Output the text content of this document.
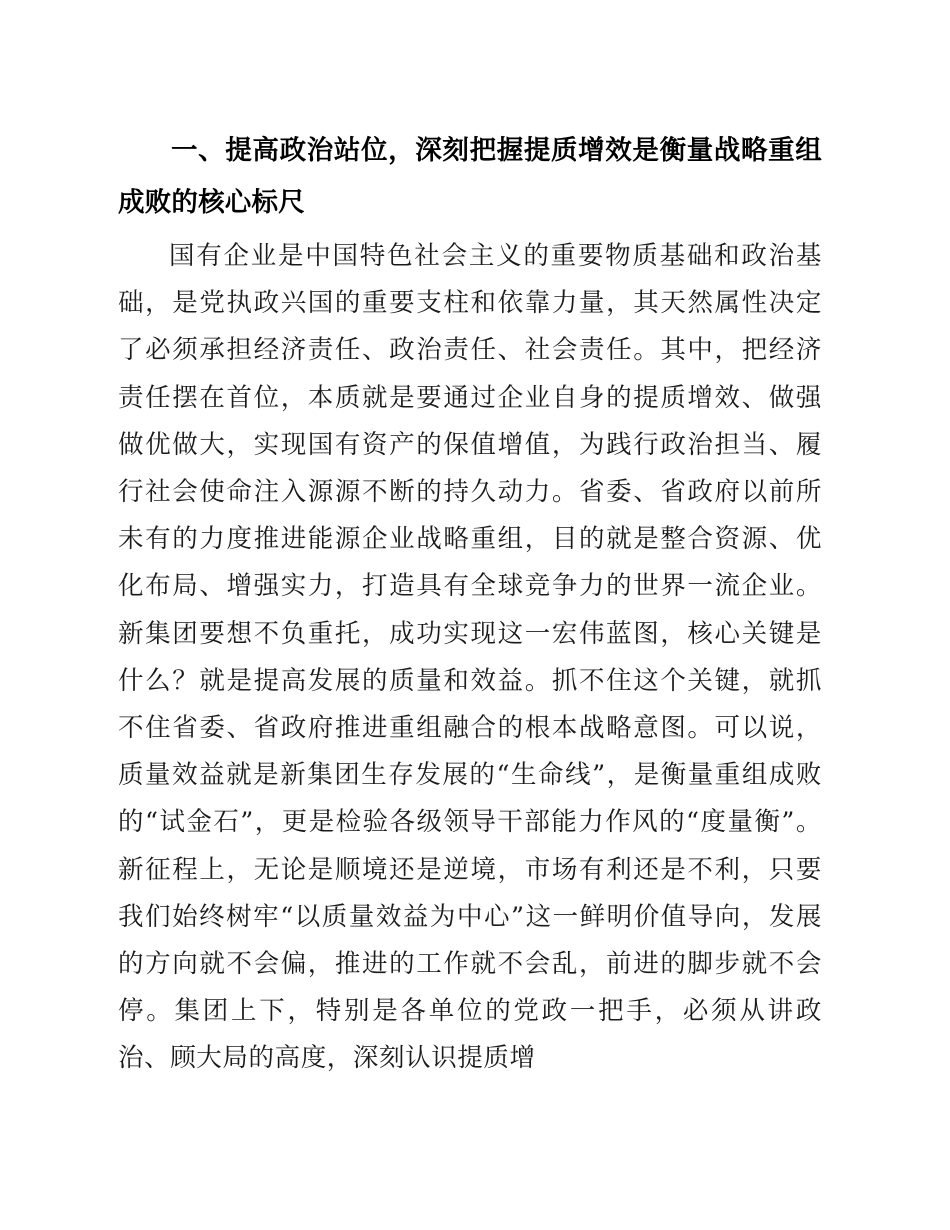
一、提高政治站位，深刻把握提质增效是衡量战略重组成败的核心标尺

国有企业是中国特色社会主义的重要物质基础和政治基础，是党执政兴国的重要支柱和依靠力量，其天然属性决定了必须承担经济责任、政治责任、社会责任。其中，把经济责任摆在首位，本质就是要通过企业自身的提质增效、做强做优做大，实现国有资产的保值增值，为践行政治担当、履行社会使命注入源源不断的持久动力。省委、省政府以前所未有的力度推进能源企业战略重组，目的就是整合资源、优化布局、增强实力，打造具有全球竞争力的世界一流企业。新集团要想不负重托，成功实现这一宏伟蓝图，核心关键是什么？就是提高发展的质量和效益。抓不住这个关键，就抓不住省委、省政府推进重组融合的根本战略意图。可以说，质量效益就是新集团生存发展的“生命线”，是衡量重组成败的“试金石”，更是检验各级领导干部能力作风的“度量衡”。新征程上，无论是顺境还是逆境，市场有利还是不利，只要我们始终树牢“以质量效益为中心”这一鲜明价值导向，发展的方向就不会偏，推进的工作就不会乱，前进的脚步就不会停。集团上下，特别是各单位的党政一把手，必须从讲政治、顾大局的高度，深刻认识提质增
